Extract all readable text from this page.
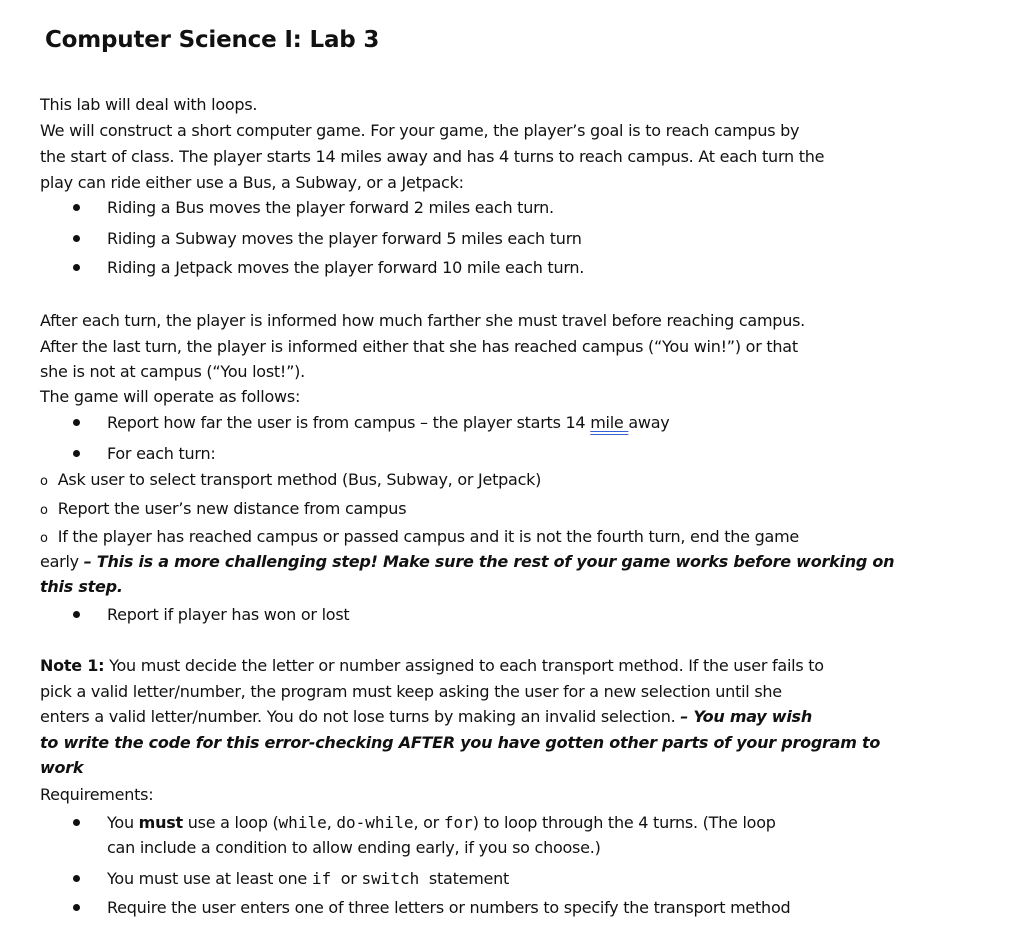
Computer Science I: Lab 3
This lab will deal with loops.
We will construct a short computer game. For your game, the player’s goal is to reach campus by
the start of class. The player starts 14 miles away and has 4 turns to reach campus. At each turn the
play can ride either use a Bus, a Subway, or a Jetpack:
Riding a Bus moves the player forward 2 miles each turn.
Riding a Subway moves the player forward 5 miles each turn
Riding a Jetpack moves the player forward 10 mile each turn.
After each turn, the player is informed how much farther she must travel before reaching campus.
After the last turn, the player is informed either that she has reached campus (“You win!”) or that
she is not at campus (“You lost!”).
The game will operate as follows:
Report how far the user is from campus – the player starts 14 mile away
For each turn:
o Ask user to select transport method (Bus, Subway, or Jetpack)
o Report the user’s new distance from campus
o If the player has reached campus or passed campus and it is not the fourth turn, end the game
early – This is a more challenging step! Make sure the rest of your game works before working on
this step.
Report if player has won or lost
Note 1: You must decide the letter or number assigned to each transport method. If the user fails to
pick a valid letter/number, the program must keep asking the user for a new selection until she
enters a valid letter/number. You do not lose turns by making an invalid selection. – You may wish
to write the code for this error-checking AFTER you have gotten other parts of your program to
work
Requirements:
You must use a loop (while, do-while, or for) to loop through the 4 turns. (The loop
can include a condition to allow ending early, if you so choose.)
You must use at least one if  or switch  statement
Require the user enters one of three letters or numbers to specify the transport method
